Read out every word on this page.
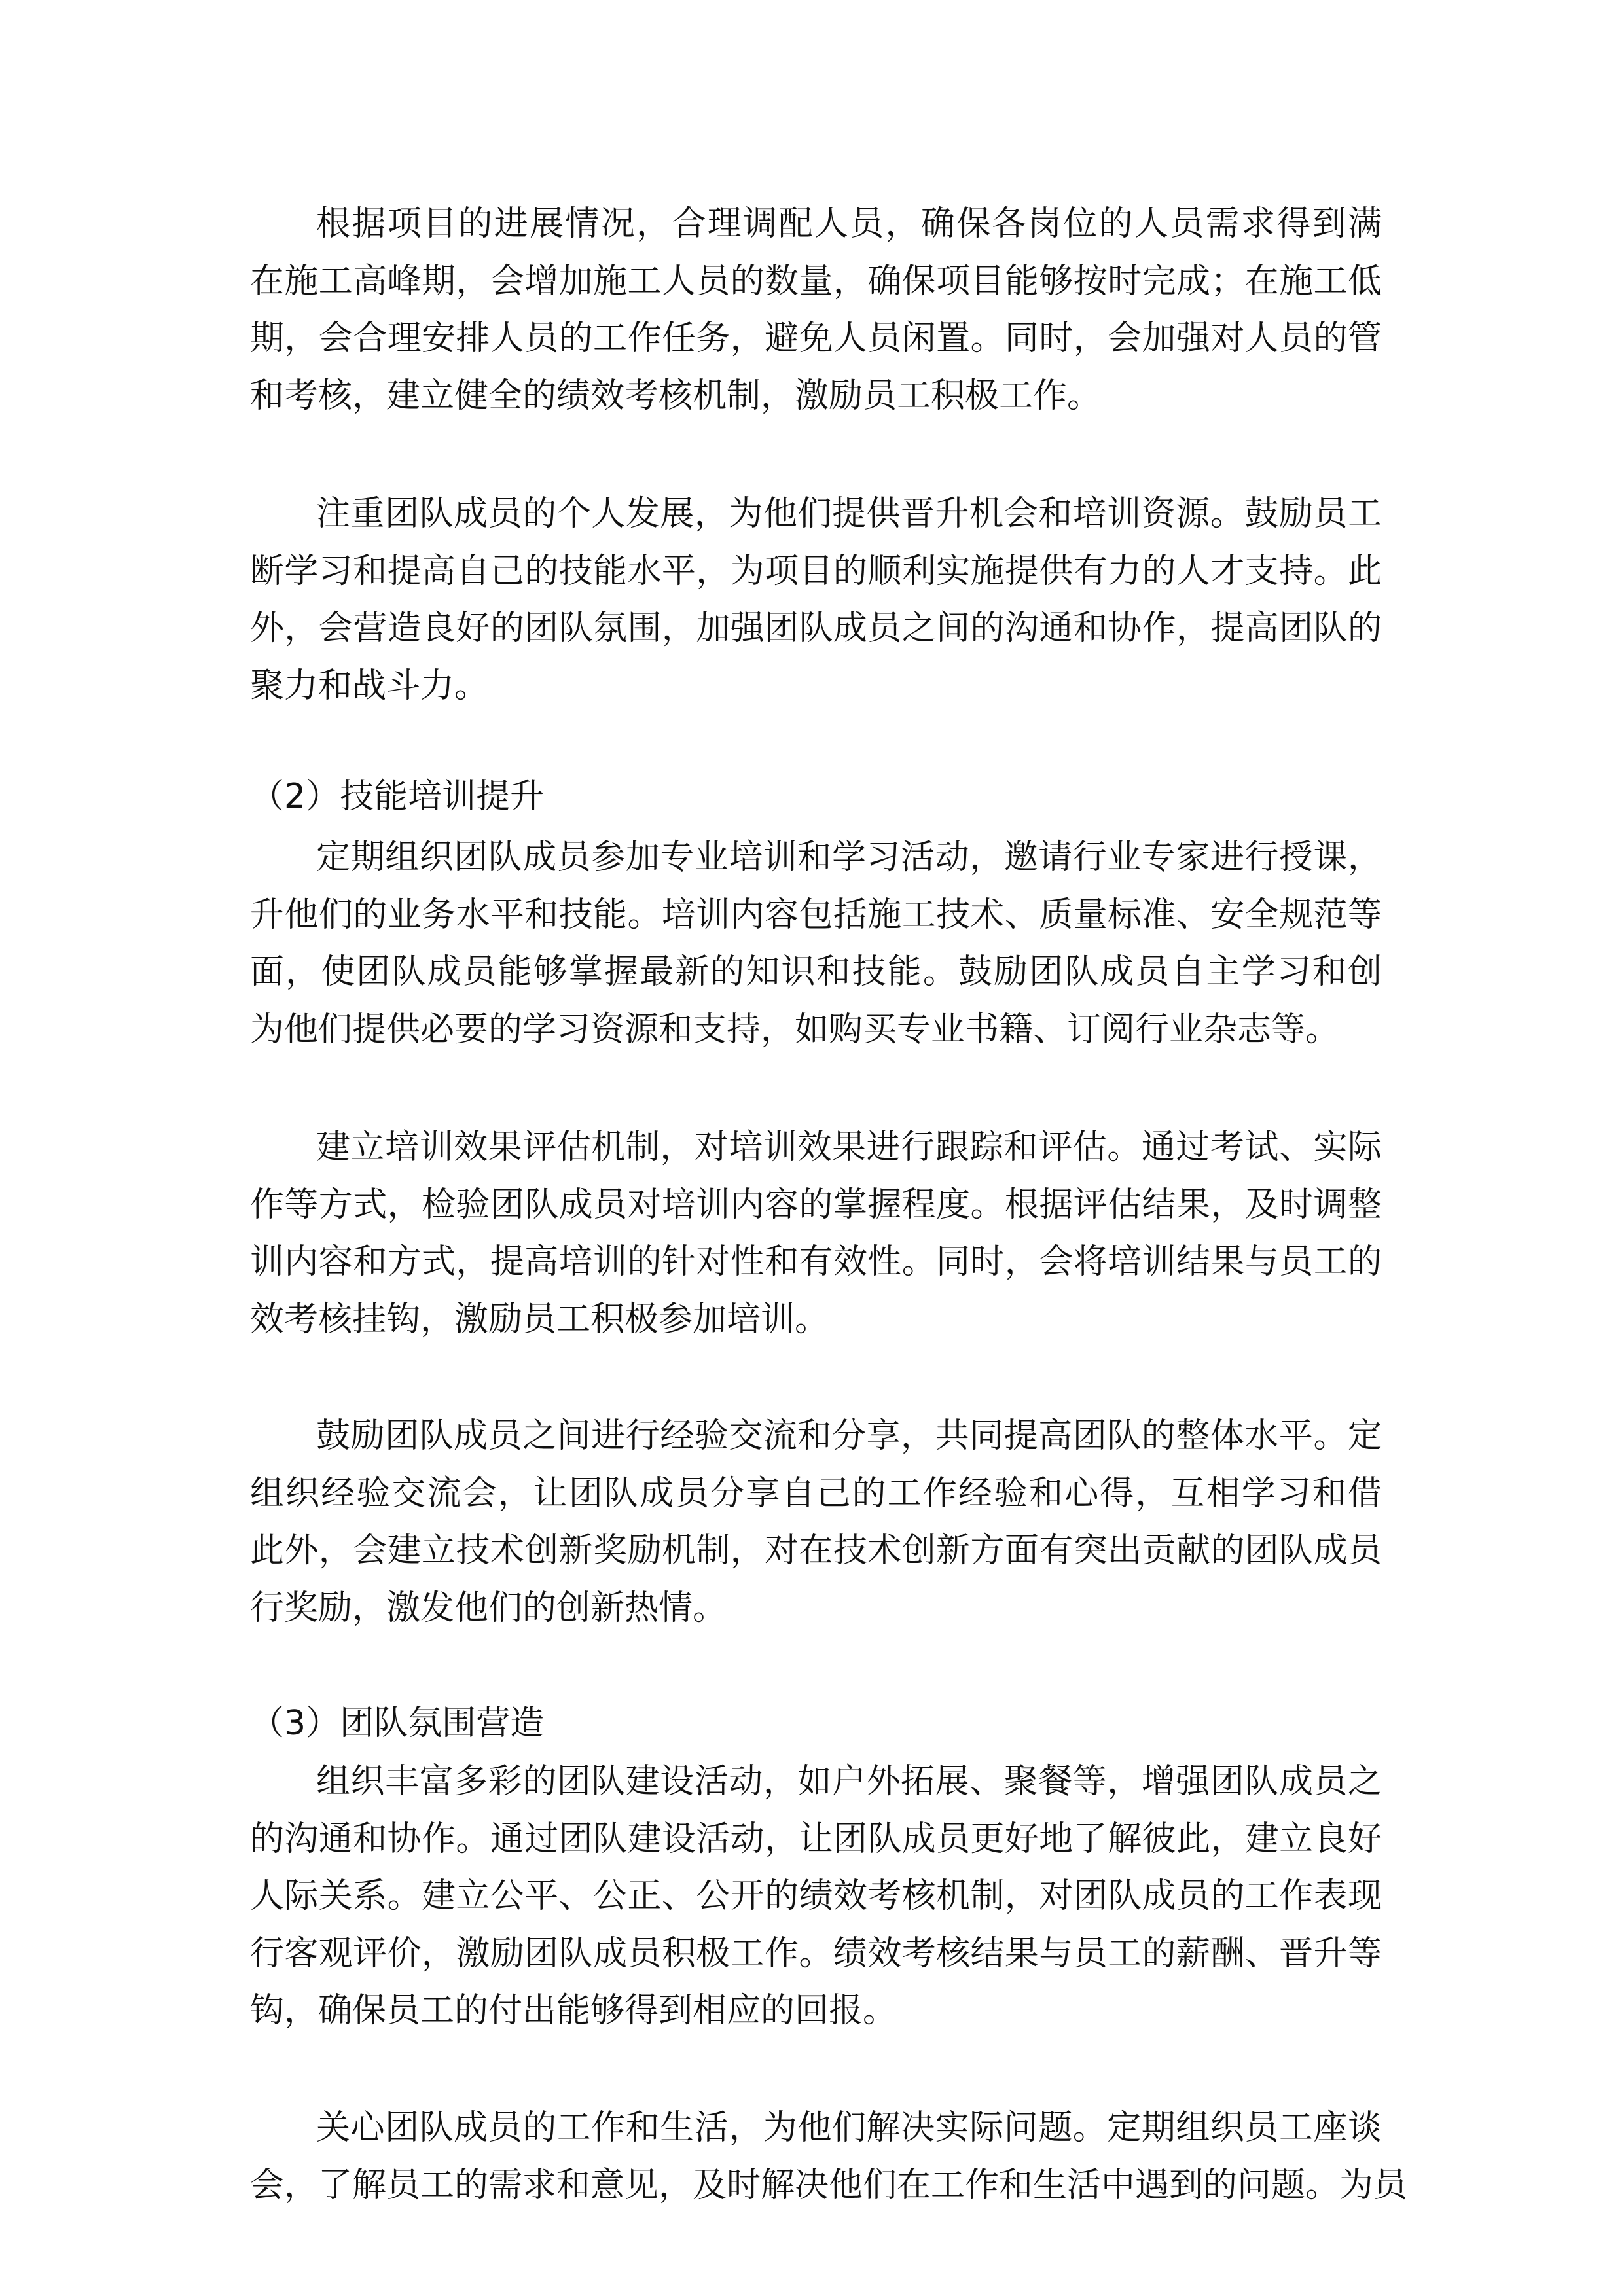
根据项目的进展情况，合理调配人员，确保各岗位的人员需求得到满
在施工高峰期，会增加施工人员的数量，确保项目能够按时完成；在施工低
期，会合理安排人员的工作任务，避免人员闲置。同时，会加强对人员的管
和考核，建立健全的绩效考核机制，激励员工积极工作。
注重团队成员的个人发展，为他们提供晋升机会和培训资源。鼓励员工
断学习和提高自己的技能水平，为项目的顺利实施提供有力的人才支持。此
外，会营造良好的团队氛围，加强团队成员之间的沟通和协作，提高团队的
聚力和战斗力。
（2）技能培训提升
定期组织团队成员参加专业培训和学习活动，邀请行业专家进行授课，
升他们的业务水平和技能。培训内容包括施工技术、质量标准、安全规范等
面，使团队成员能够掌握最新的知识和技能。鼓励团队成员自主学习和创
为他们提供必要的学习资源和支持，如购买专业书籍、订阅行业杂志等。
建立培训效果评估机制，对培训效果进行跟踪和评估。通过考试、实际
作等方式，检验团队成员对培训内容的掌握程度。根据评估结果，及时调整
训内容和方式，提高培训的针对性和有效性。同时，会将培训结果与员工的
效考核挂钩，激励员工积极参加培训。
鼓励团队成员之间进行经验交流和分享，共同提高团队的整体水平。定
组织经验交流会，让团队成员分享自己的工作经验和心得，互相学习和借
此外，会建立技术创新奖励机制，对在技术创新方面有突出贡献的团队成员
行奖励，激发他们的创新热情。
（3）团队氛围营造
组织丰富多彩的团队建设活动，如户外拓展、聚餐等，增强团队成员之
的沟通和协作。通过团队建设活动，让团队成员更好地了解彼此，建立良好
人际关系。建立公平、公正、公开的绩效考核机制，对团队成员的工作表现
行客观评价，激励团队成员积极工作。绩效考核结果与员工的薪酬、晋升等
钩，确保员工的付出能够得到相应的回报。
关心团队成员的工作和生活，为他们解决实际问题。定期组织员工座谈
会，了解员工的需求和意见，及时解决他们在工作和生活中遇到的问题。为员
